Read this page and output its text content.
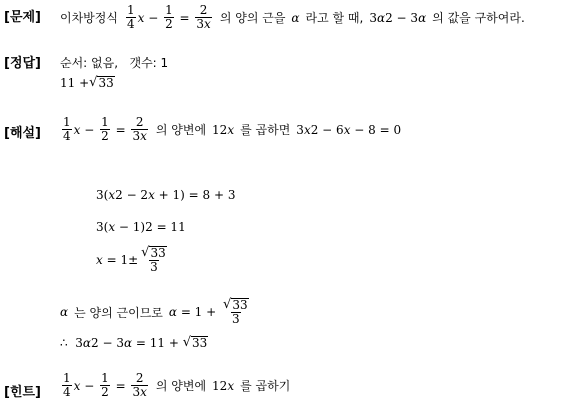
[문제] 이차방정식 $\frac{1}{4}$ $x - \frac{1}{2} = \frac{2}{3x}$ 의 양의 근을 α 라고 할 때, 3 α 2 − 3 α 의 값을 구하여라.
[정답] 순서: 없음,   갯수: 1
11 + √ 33
[해설] $\frac{1}{4}$ $x - \frac{1}{2} = \frac{2}{3x}$ 의 양변에 12 x 를 곱하면 3 x 2 − 6 x − 8 = 0
3( x 2 − 2 x + 1) = 8 + 3
3( x − 1) 2 = 11
$x = 1\pm \frac{√ 33}{3}$
α 는 양의 근이므로 $\alpha = 1 + \frac{√ 33}{3}$
∴  3 α 2 − 3 α = 11 + √ 33
[힌트] $\frac{1}{4}$ $x - \frac{1}{2} = \frac{2}{3x}$ 의 양변에 12 x 를 곱하기
